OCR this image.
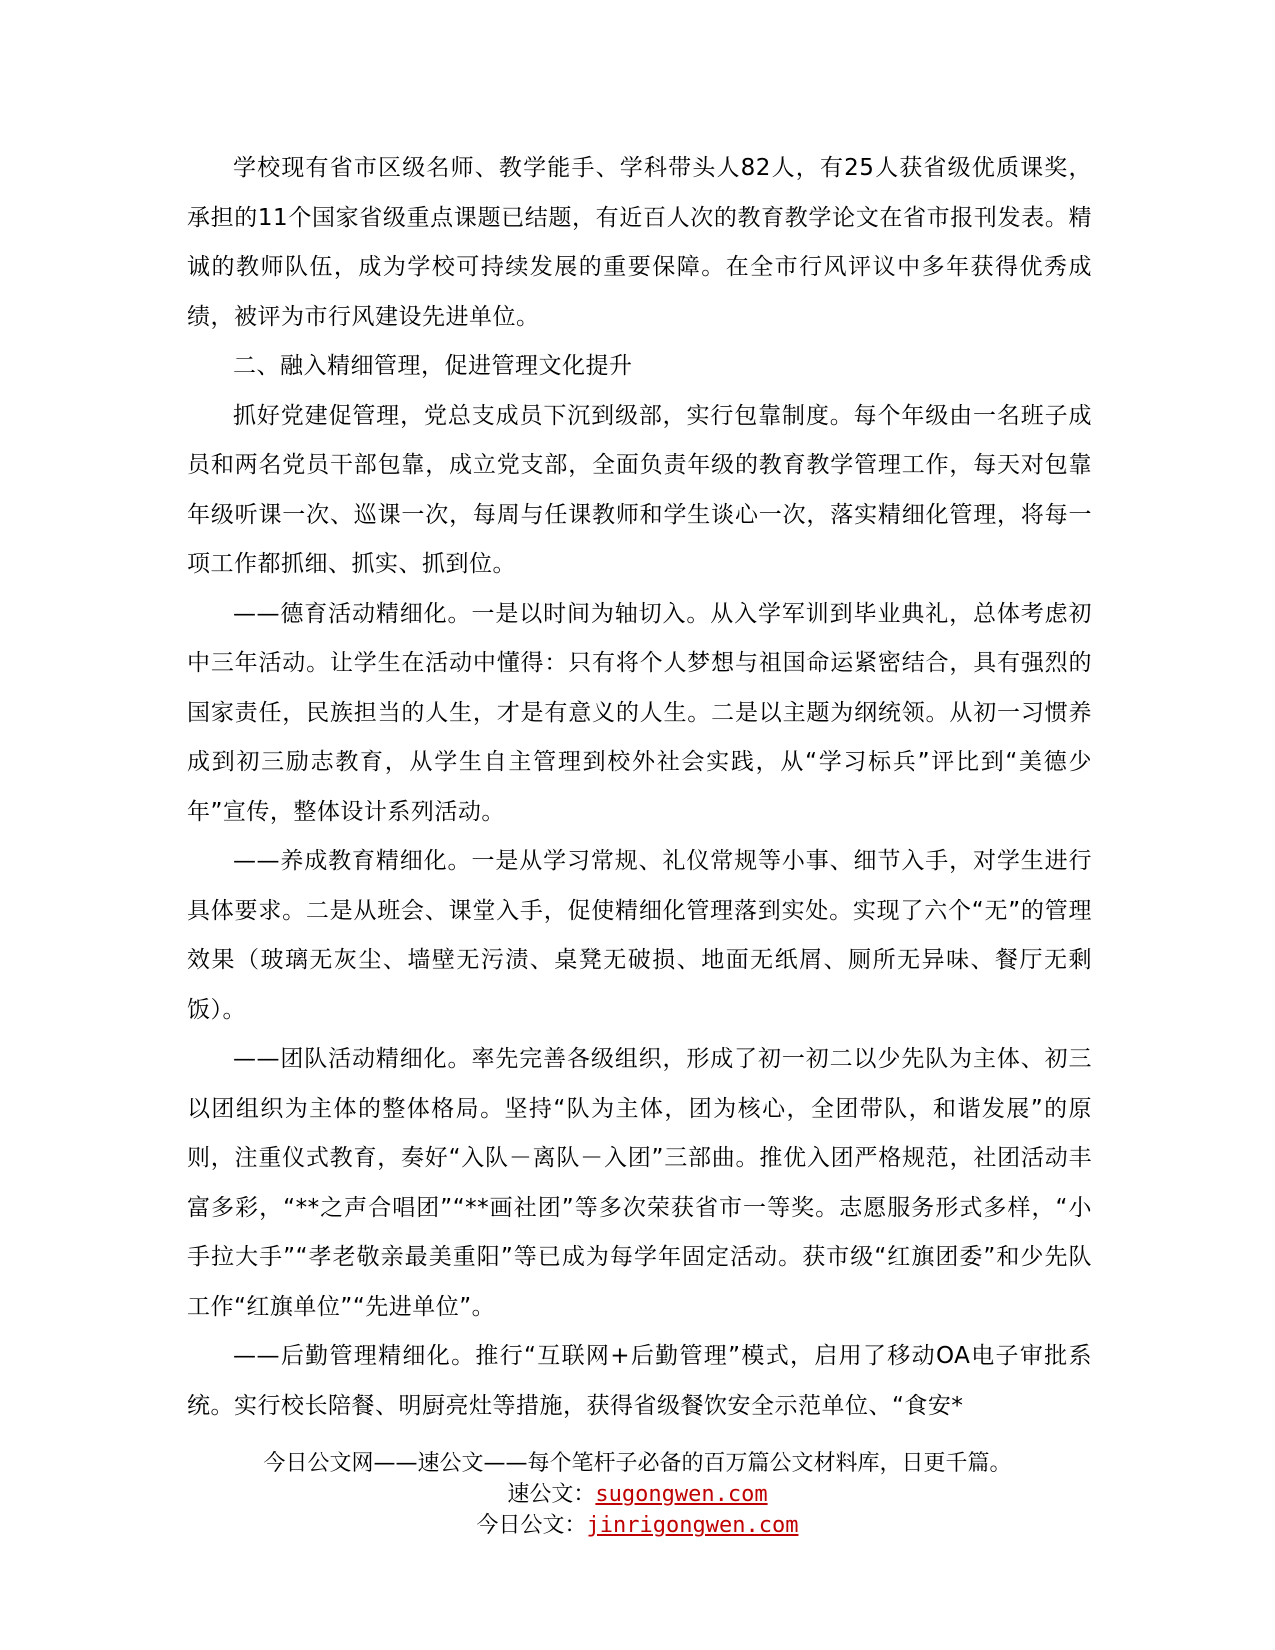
学校现有省市区级名师、教学能手、学科带头人82人，有25人获省级优质课奖，承担的11个国家省级重点课题已结题，有近百人次的教育教学论文在省市报刊发表。精诚的教师队伍，成为学校可持续发展的重要保障。在全市行风评议中多年获得优秀成绩，被评为市行风建设先进单位。

二、融入精细管理，促进管理文化提升

抓好党建促管理，党总支成员下沉到级部，实行包靠制度。每个年级由一名班子成员和两名党员干部包靠，成立党支部，全面负责年级的教育教学管理工作，每天对包靠年级听课一次、巡课一次，每周与任课教师和学生谈心一次，落实精细化管理，将每一项工作都抓细、抓实、抓到位。

——德育活动精细化。一是以时间为轴切入。从入学军训到毕业典礼，总体考虑初中三年活动。让学生在活动中懂得：只有将个人梦想与祖国命运紧密结合，具有强烈的国家责任，民族担当的人生，才是有意义的人生。二是以主题为纲统领。从初一习惯养成到初三励志教育，从学生自主管理到校外社会实践，从“学习标兵”评比到“美德少年”宣传，整体设计系列活动。

——养成教育精细化。一是从学习常规、礼仪常规等小事、细节入手，对学生进行具体要求。二是从班会、课堂入手，促使精细化管理落到实处。实现了六个“无”的管理效果（玻璃无灰尘、墙壁无污渍、桌凳无破损、地面无纸屑、厕所无异味、餐厅无剩饭）。

——团队活动精细化。率先完善各级组织，形成了初一初二以少先队为主体、初三以团组织为主体的整体格局。坚持“队为主体，团为核心，全团带队，和谐发展”的原则，注重仪式教育，奏好“入队－离队－入团”三部曲。推优入团严格规范，社团活动丰富多彩，“**之声合唱团”“**画社团”等多次荣获省市一等奖。志愿服务形式多样，“小手拉大手”“孝老敬亲最美重阳”等已成为每学年固定活动。获市级“红旗团委”和少先队工作“红旗单位”“先进单位”。

——后勤管理精细化。推行“互联网+后勤管理”模式，启用了移动OA电子审批系统。实行校长陪餐、明厨亮灶等措施，获得省级餐饮安全示范单位、“食安*

今日公文网——速公文——每个笔杆子必备的百万篇公文材料库，日更千篇。
速公文：sugongwen.com
今日公文：jinrigongwen.com
